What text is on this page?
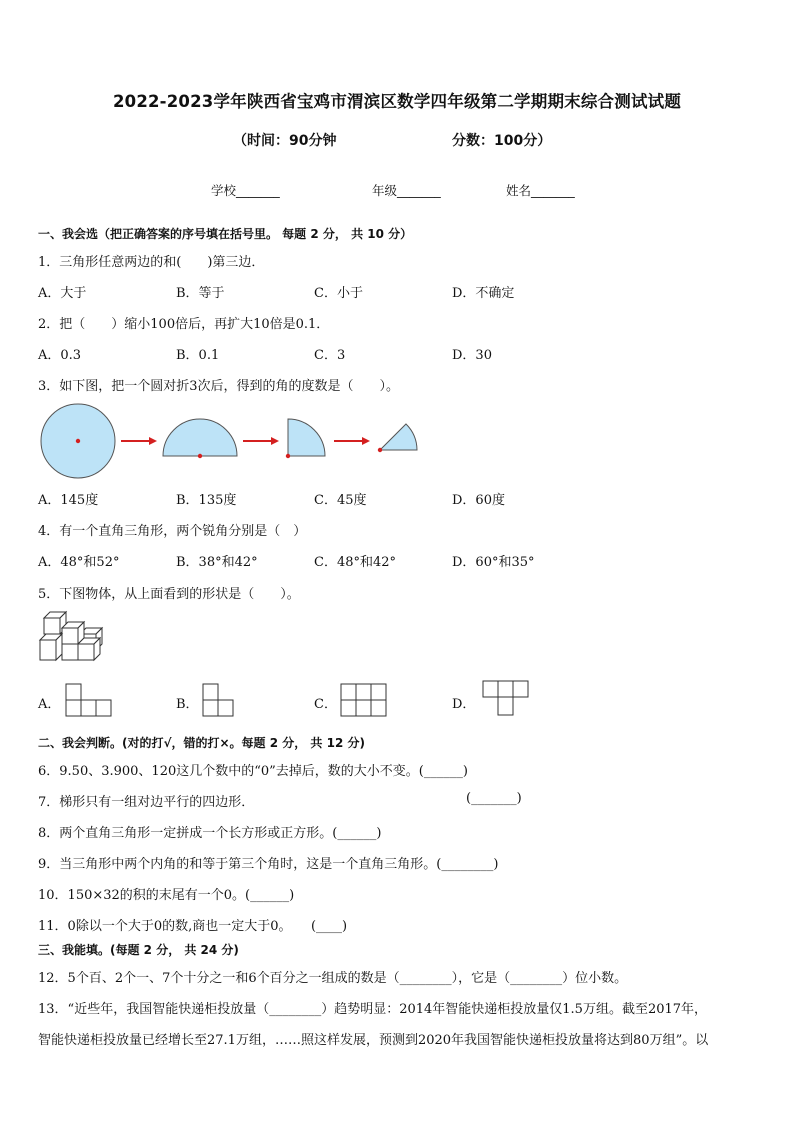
2022-2023学年陕西省宝鸡市渭滨区数学四年级第二学期期末综合测试试题
（时间：90分钟	分数：100分）
学校_______	年级_______	姓名_______
一、我会选（把正确答案的序号填在括号里。 每题 2 分， 共 10 分）
1．三角形任意两边的和(　　)第三边．
A．大于	B．等于	C．小于	D．不确定
2．把（　　）缩小100倍后，再扩大10倍是0.1．
A．0.3	B．0.1	C．3	D．30
3．如下图，把一个圆对折3次后，得到的角的度数是（　　）。
A．145度	B．135度	C．45度	D．60度
4．有一个直角三角形，两个锐角分别是（　）
A．48°和52°	B．38°和42°	C．48°和42°	D．60°和35°
5．下图物体，从上面看到的形状是（　　）。
A．	B．	C．	D．
二、我会判断。(对的打√，错的打×。每题 2 分， 共 12 分)
6．9.50、3.900、120这几个数中的“0”去掉后，数的大小不变。(______)
7．梯形只有一组对边平行的四边形．	(_______)
8．两个直角三角形一定拼成一个长方形或正方形。(______)
9．当三角形中两个内角的和等于第三个角时，这是一个直角三角形。(________)
10．150×32的积的末尾有一个0。(______)
11．0除以一个大于0的数,商也一定大于0。　　(____)
三、我能填。(每题 2 分， 共 24 分)
12．5个百、2个一、7个十分之一和6个百分之一组成的数是（________），它是（________）位小数。
13．“近些年，我国智能快递柜投放量（________）趋势明显：2014年智能快递柜投放量仅1.5万组。截至2017年，
智能快递柜投放量已经增长至27.1万组，……照这样发展，预测到2020年我国智能快递柜投放量将达到80万组”。以
